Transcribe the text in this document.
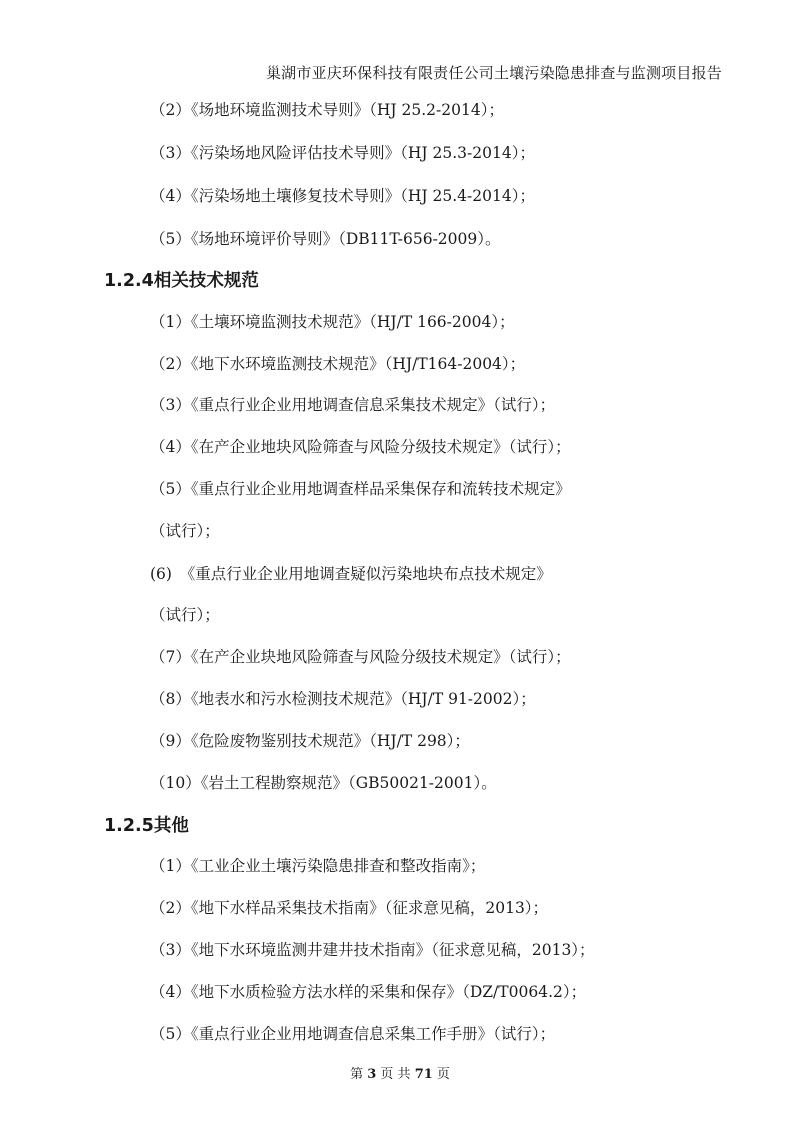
巢湖市亚庆环保科技有限责任公司土壤污染隐患排查与监测项目报告
（2）《场地环境监测技术导则》（HJ 25.2-2014）；
（3）《污染场地风险评估技术导则》（HJ 25.3-2014）；
（4）《污染场地土壤修复技术导则》（HJ 25.4-2014）；
（5）《场地环境评价导则》（DB11T-656-2009）。
1.2.4相关技术规范
（1）《土壤环境监测技术规范》（HJ/T 166-2004）；
（2）《地下水环境监测技术规范》（HJ/T164-2004）；
（3）《重点行业企业用地调查信息采集技术规定》（试行）；
（4）《在产企业地块风险筛查与风险分级技术规定》（试行）；
（5）《重点行业企业用地调查样品采集保存和流转技术规定》
（试行）；
(6)　《重点行业企业用地调查疑似污染地块布点技术规定》
（试行）；
（7）《在产企业块地风险筛查与风险分级技术规定》（试行）；
（8）《地表水和污水检测技术规范》（HJ/T 91-2002）；
（9）《危险废物鉴别技术规范》（HJ/T 298）；
（10）《岩土工程勘察规范》（GB50021-2001）。
1.2.5其他
（1）《工业企业土壤污染隐患排查和整改指南》；
（2）《地下水样品采集技术指南》（征求意见稿，2013）；
（3）《地下水环境监测井建井技术指南》（征求意见稿，2013）；
（4）《地下水质检验方法水样的采集和保存》（DZ/T0064.2）；
（5）《重点行业企业用地调查信息采集工作手册》（试行）；
第 3 页 共 71 页
